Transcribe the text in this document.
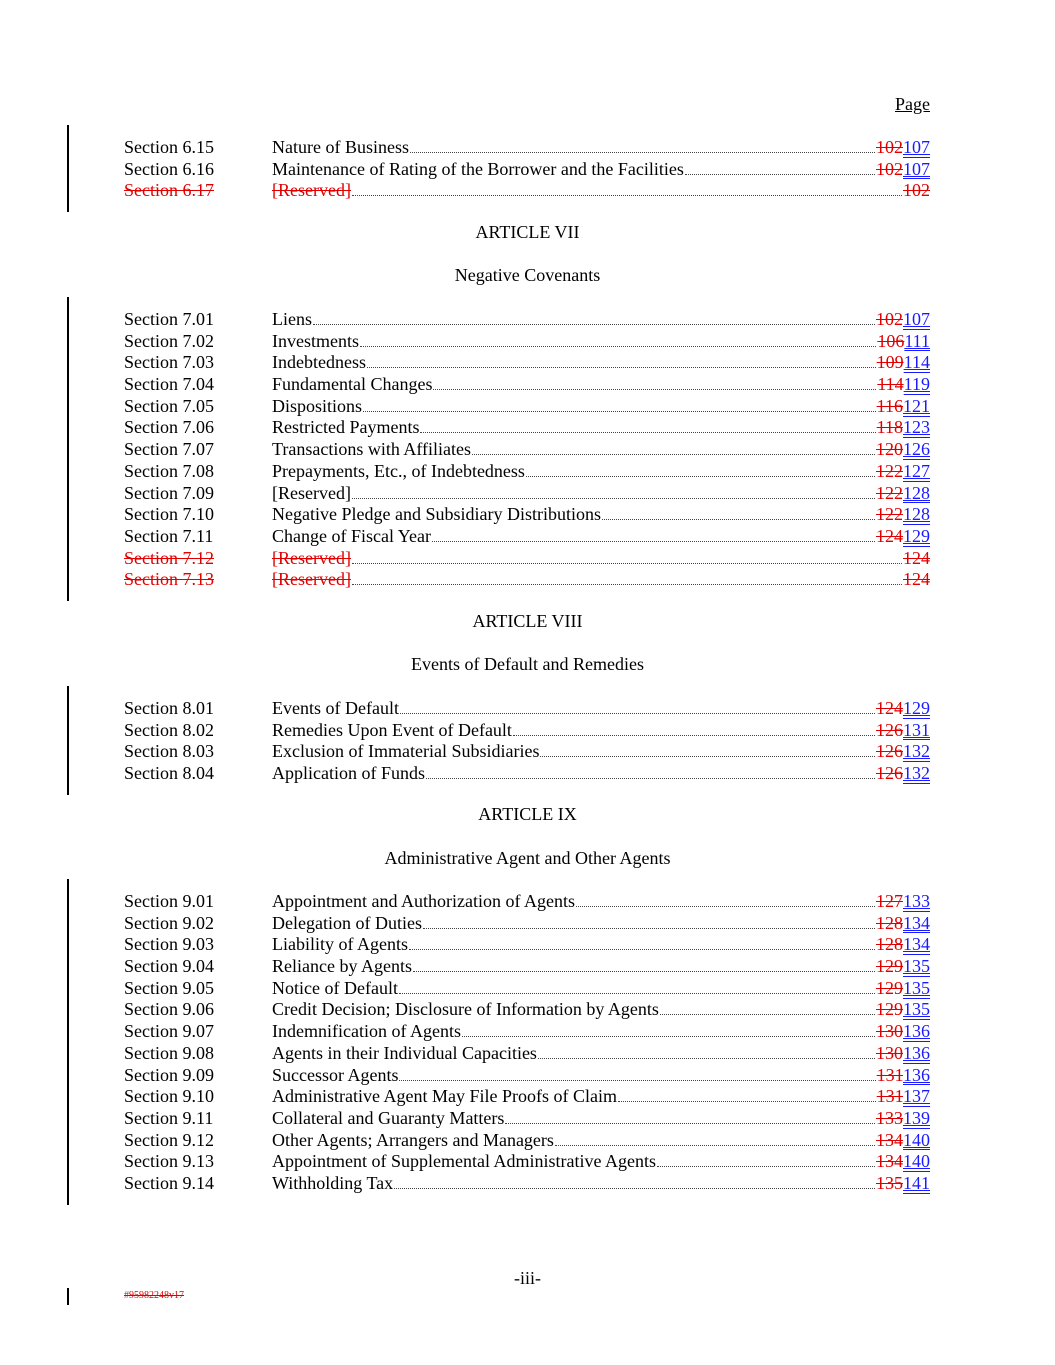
Page
-iii-
#95982248v17
Section 6.15	Nature of Business	102107
Section 6.16	Maintenance of Rating of the Borrower and the Facilities	102107
Section 6.17	[Reserved]	102
ARTICLE VII
Negative Covenants
Section 7.01	Liens	102107
Section 7.02	Investments	106111
Section 7.03	Indebtedness	109114
Section 7.04	Fundamental Changes	114119
Section 7.05	Dispositions	116121
Section 7.06	Restricted Payments	118123
Section 7.07	Transactions with Affiliates	120126
Section 7.08	Prepayments, Etc., of Indebtedness	122127
Section 7.09	[Reserved]	122128
Section 7.10	Negative Pledge and Subsidiary Distributions	122128
Section 7.11	Change of Fiscal Year	124129
Section 7.12	[Reserved]	124
Section 7.13	[Reserved]	124
ARTICLE VIII
Events of Default and Remedies
Section 8.01	Events of Default	124129
Section 8.02	Remedies Upon Event of Default	126131
Section 8.03	Exclusion of Immaterial Subsidiaries	126132
Section 8.04	Application of Funds	126132
ARTICLE IX
Administrative Agent and Other Agents
Section 9.01	Appointment and Authorization of Agents	127133
Section 9.02	Delegation of Duties	128134
Section 9.03	Liability of Agents	128134
Section 9.04	Reliance by Agents	129135
Section 9.05	Notice of Default	129135
Section 9.06	Credit Decision; Disclosure of Information by Agents	129135
Section 9.07	Indemnification of Agents	130136
Section 9.08	Agents in their Individual Capacities	130136
Section 9.09	Successor Agents	131136
Section 9.10	Administrative Agent May File Proofs of Claim	131137
Section 9.11	Collateral and Guaranty Matters	133139
Section 9.12	Other Agents; Arrangers and Managers	134140
Section 9.13	Appointment of Supplemental Administrative Agents	134140
Section 9.14	Withholding Tax	135141
